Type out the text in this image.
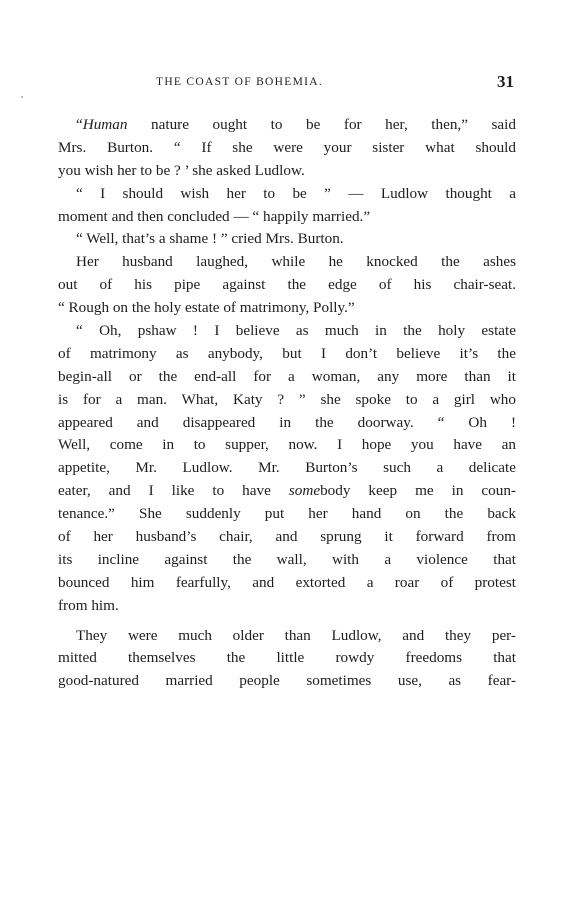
THE COAST OF BOHEMIA.	31
“Human nature ought to be for her, then,” said
Mrs. Burton. “ If she were your sister what should
you wish her to be ? ’ she asked Ludlow.
“ I should wish her to be ” — Ludlow thought a
moment and then concluded — “ happily married.”
“ Well, that’s a shame ! ” cried Mrs. Burton.
Her husband laughed, while he knocked the ashes
out of his pipe against the edge of his chair-seat.
“ Rough on the holy estate of matrimony, Polly.”
“ Oh, pshaw ! I believe as much in the holy estate
of matrimony as anybody, but I don’t believe it’s the
begin-all or the end-all for a woman, any more than it
is for a man. What, Katy ? ” she spoke to a girl who
appeared and disappeared in the doorway. “ Oh !
Well, come in to supper, now. I hope you have an
appetite, Mr. Ludlow. Mr. Burton’s such a delicate
eater, and I like to have somebody keep me in coun-
tenance.” She suddenly put her hand on the back
of her husband’s chair, and sprung it forward from
its incline against the wall, with a violence that
bounced him fearfully, and extorted a roar of protest
from him.
They were much older than Ludlow, and they per-
mitted themselves the little rowdy freedoms that
good-natured married people sometimes use, as fear-
